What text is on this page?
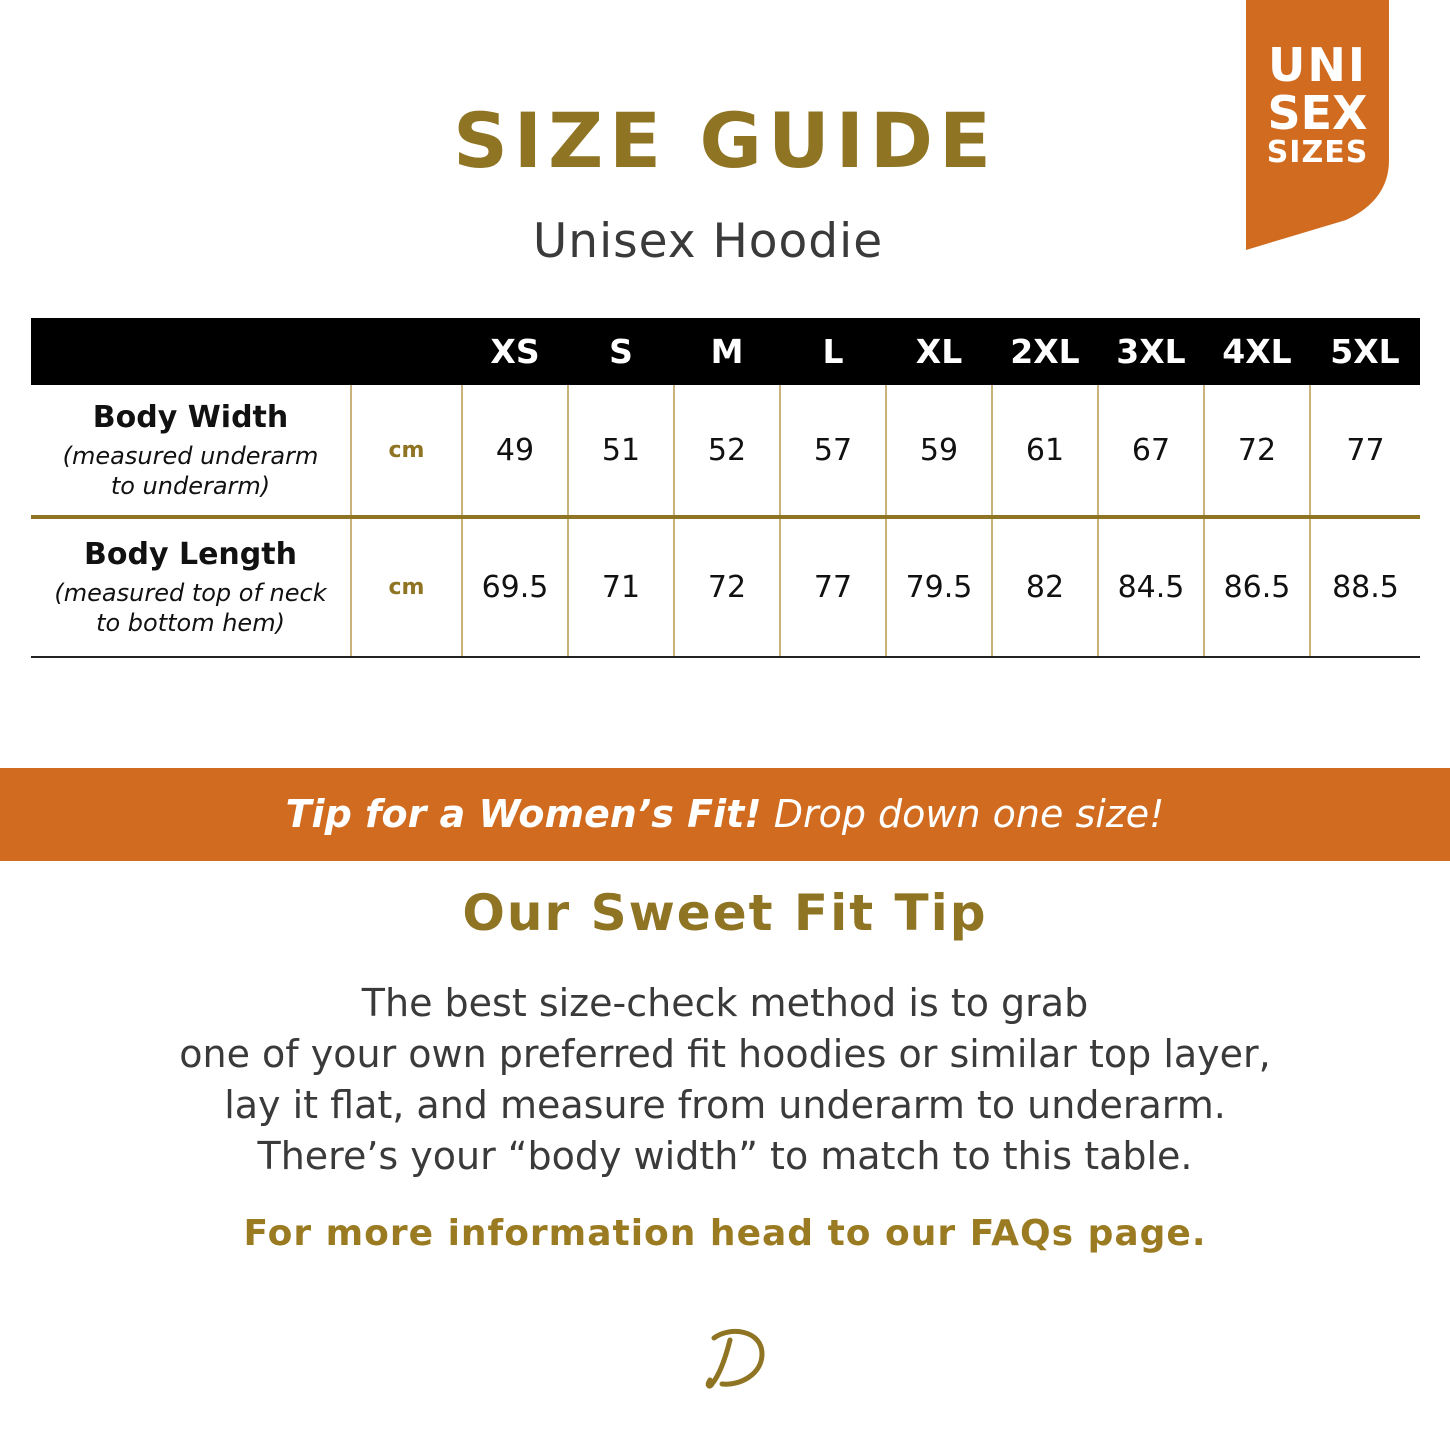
SIZE GUIDE
Unisex Hoodie
UNI
SEX
SIZES
		XS	S	M	L	XL	2XL	3XL	4XL	5XL

Body Width
(measured underarm
to underarm)	cm	49	51	52	57	59	61	67	72	77

Body Length
(measured top of neck
to bottom hem)	cm	69.5	71	72	77	79.5	82	84.5	86.5	88.5
Tip for a Women’s Fit! Drop down one size!
Our Sweet Fit Tip
The best size-check method is to grab
one of your own preferred fit hoodies or similar top layer,
lay it flat, and measure from underarm to underarm.
There’s your “body width” to match to this table.
For more information head to our FAQs page.
